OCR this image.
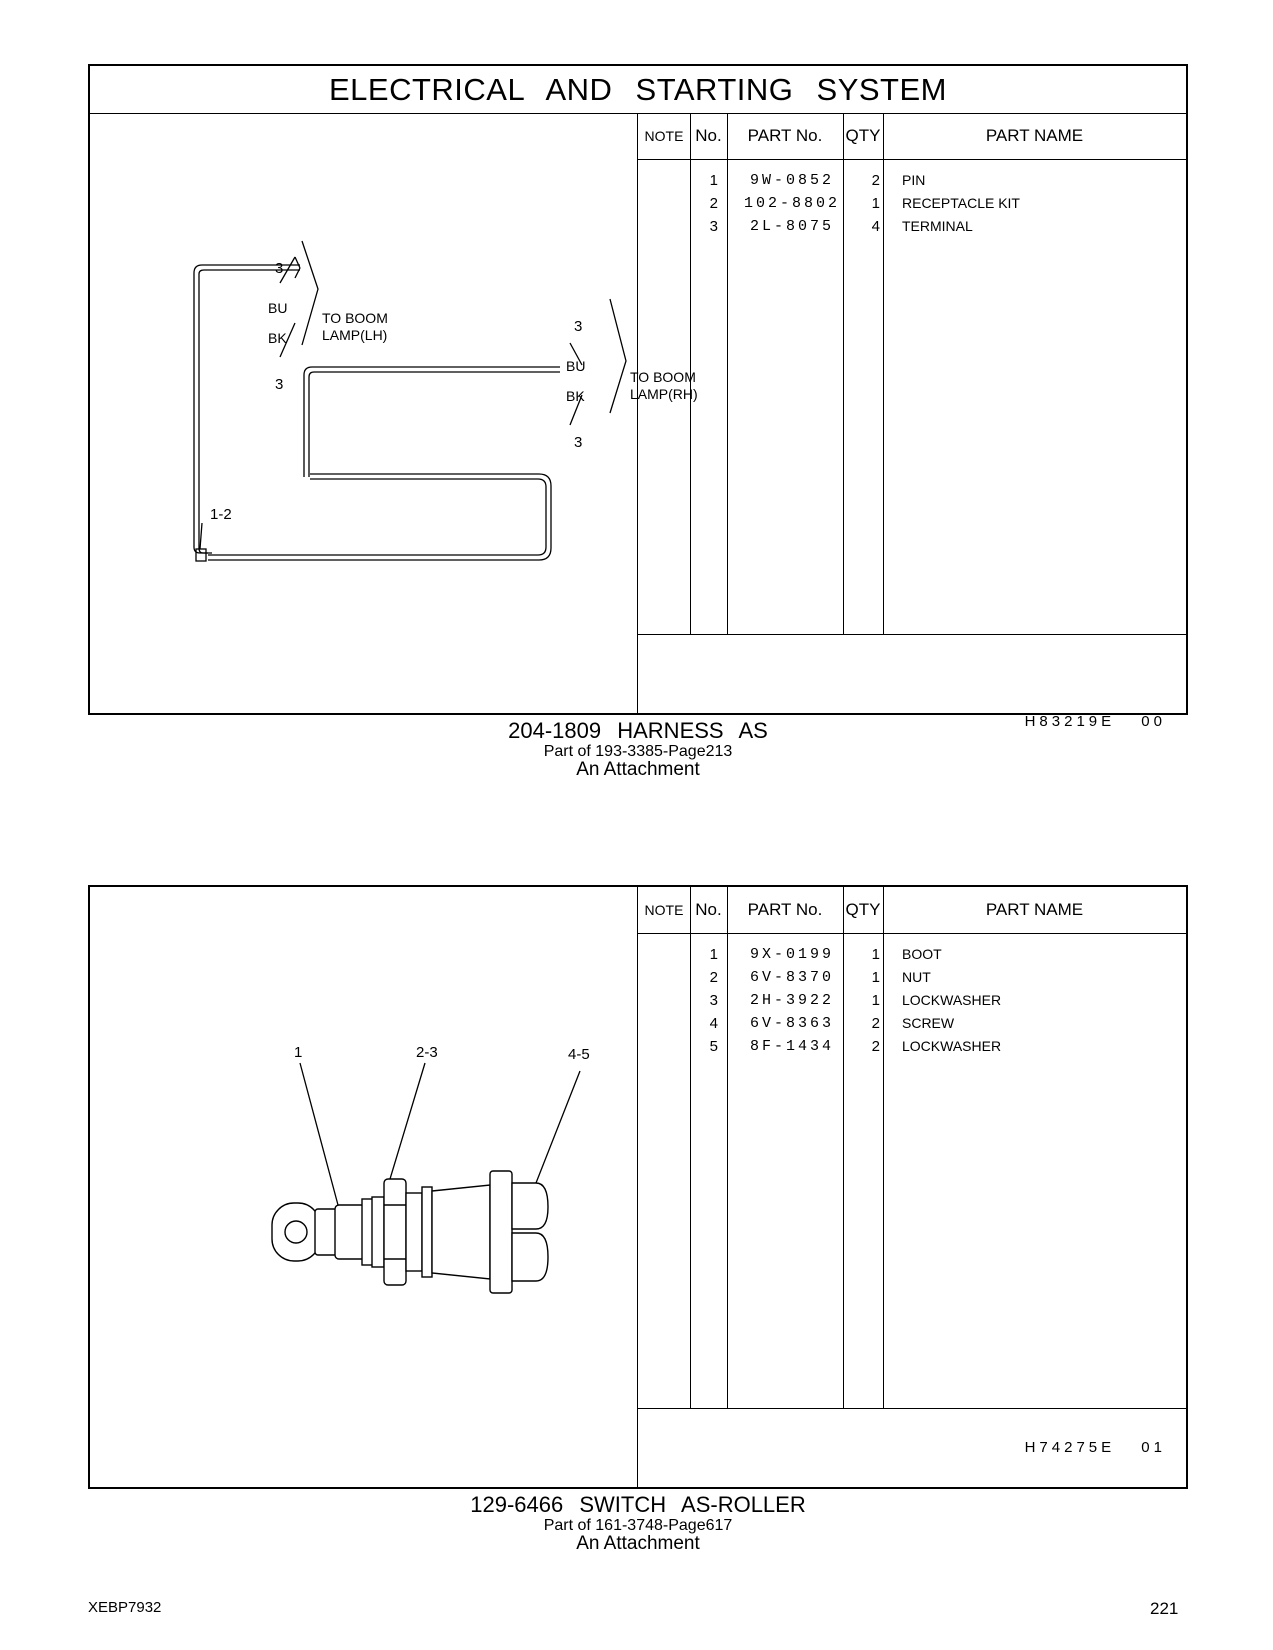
ELECTRICAL AND STARTING SYSTEM
3
BU
BK
3
TO BOOM
LAMP(LH)	3
BU
BK
3
TO BOOM
LAMP(RH)
1-2
NOTE No.	PART No.	QTY	PART NAME
1	9W-0852	2 PIN
2	102-8802	1 RECEPTACLE KIT
3	2L-8075	4 TERMINAL
H83219E 00
204-1809 HARNESS AS
Part of 193-3385-Page213
An Attachment
1	2-3	4-5
NOTE No.	PART No.	QTY	PART NAME
1	9X-0199	1 BOOT
2	6V-8370	1 NUT
3	2H-3922	1 LOCKWASHER
4	6V-8363	2 SCREW
5	8F-1434	2 LOCKWASHER
H74275E 01
129-6466 SWITCH AS-ROLLER
Part of 161-3748-Page617
An Attachment
XEBP7932	221
